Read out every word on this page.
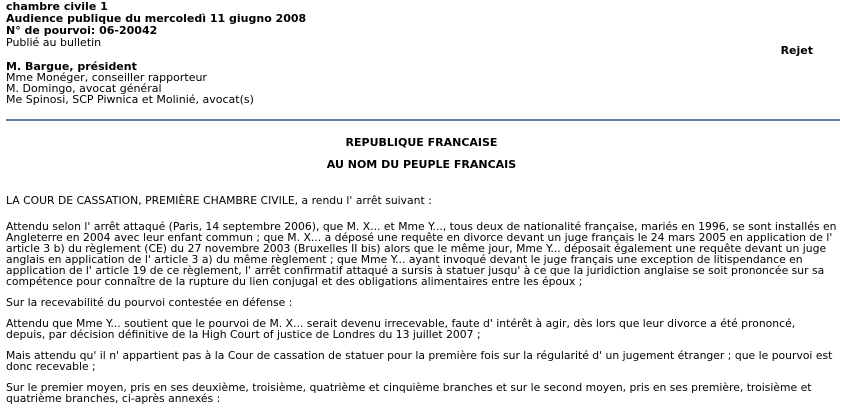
chambre civile 1
Audience publique du mercoledì 11 giugno 2008
N° de pourvoi: 06-20042
Publié au bulletin
Rejet
M. Bargue, président
Mme Monéger, conseiller rapporteur
M. Domingo, avocat général
Me Spinosi, SCP Piwnica et Molinié, avocat(s)
REPUBLIQUE FRANCAISE
AU NOM DU PEUPLE FRANCAIS

LA COUR DE CASSATION, PREMIÈRE CHAMBRE CIVILE, a rendu l' arrêt suivant :

Attendu selon l' arrêt attaqué (Paris, 14 septembre 2006), que M. X... et Mme Y..., tous deux de nationalité française, mariés en 1996, se sont installés en Angleterre en 2004 avec leur enfant commun ; que M. X... a déposé une requête en divorce devant un juge français le 24 mars 2005 en application de l' article 3 b) du règlement (CE) du 27 novembre 2003 (Bruxelles II bis) alors que le même jour, Mme Y... déposait également une requête devant un juge anglais en application de l' article 3 a) du même règlement ; que Mme Y... ayant invoqué devant le juge français une exception de litispendance en application de l' article 19 de ce règlement, l' arrêt confirmatif attaqué a sursis à statuer jusqu' à ce que la juridiction anglaise se soit prononcée sur sa compétence pour connaître de la rupture du lien conjugal et des obligations alimentaires entre les époux ;

Sur la recevabilité du pourvoi contestée en défense :

Attendu que Mme Y... soutient que le pourvoi de M. X... serait devenu irrecevable, faute d' intérêt à agir, dès lors que leur divorce a été prononcé, depuis, par décision définitive de la High Court of justice de Londres du 13 juillet 2007 ;

Mais attendu qu' il n' appartient pas à la Cour de cassation de statuer pour la première fois sur la régularité d' un jugement étranger ; que le pourvoi est donc recevable ;

Sur le premier moyen, pris en ses deuxième, troisième, quatrième et cinquième branches et sur le second moyen, pris en ses première, troisième et quatrième branches, ci-après annexés :
